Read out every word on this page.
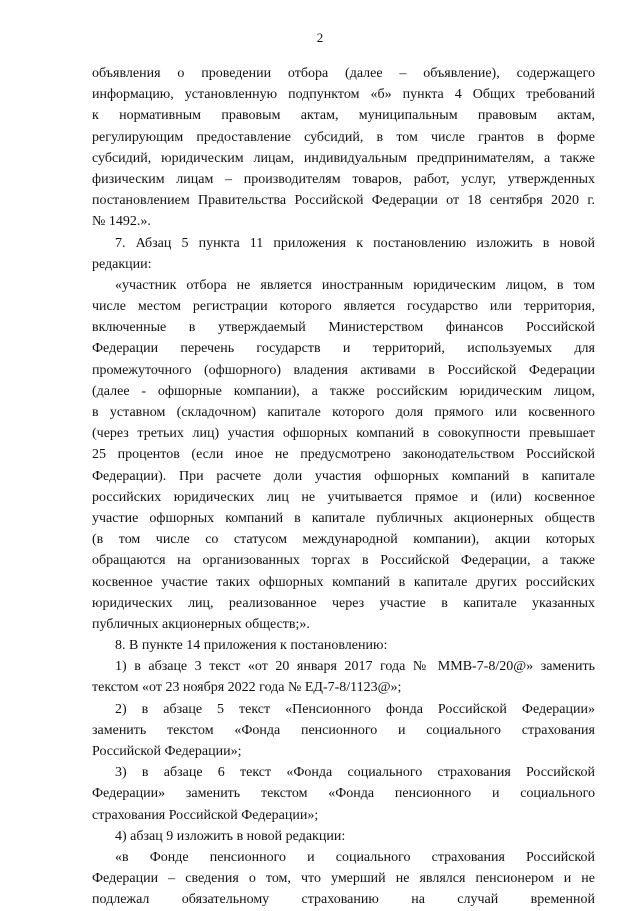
2
объявления о проведении отбора (далее – объявление), содержащего
информацию, установленную подпунктом «б» пункта 4 Общих требований
к нормативным правовым актам, муниципальным правовым актам,
регулирующим предоставление субсидий, в том числе грантов в форме
субсидий, юридическим лицам, индивидуальным предпринимателям, а также
физическим лицам – производителям товаров, работ, услуг, утвержденных
постановлением Правительства Российской Федерации от 18 сентября 2020 г.
№ 1492.».
7. Абзац 5 пункта 11 приложения к постановлению изложить в новой
редакции:
«участник отбора не является иностранным юридическим лицом, в том
числе местом регистрации которого является государство или территория,
включенные в утверждаемый Министерством финансов Российской
Федерации перечень государств и территорий, используемых для
промежуточного (офшорного) владения активами в Российской Федерации
(далее - офшорные компании), а также российским юридическим лицом,
в уставном (складочном) капитале которого доля прямого или косвенного
(через третьих лиц) участия офшорных компаний в совокупности превышает
25 процентов (если иное не предусмотрено законодательством Российской
Федерации). При расчете доли участия офшорных компаний в капитале
российских юридических лиц не учитывается прямое и (или) косвенное
участие офшорных компаний в капитале публичных акционерных обществ
(в том числе со статусом международной компании), акции которых
обращаются на организованных торгах в Российской Федерации, а также
косвенное участие таких офшорных компаний в капитале других российских
юридических лиц, реализованное через участие в капитале указанных
публичных акционерных обществ;».
8. В пункте 14 приложения к постановлению:
1) в абзаце 3 текст «от 20 января 2017 года № ММВ-7-8/20@» заменить
текстом «от 23 ноября 2022 года № ЕД-7-8/1123@»;
2) в абзаце 5 текст «Пенсионного фонда Российской Федерации»
заменить текстом «Фонда пенсионного и социального страхования
Российской Федерации»;
3) в абзаце 6 текст «Фонда социального страхования Российской
Федерации» заменить текстом «Фонда пенсионного и социального
страхования Российской Федерации»;
4) абзац 9 изложить в новой редакции:
«в Фонде пенсионного и социального страхования Российской
Федерации – сведения о том, что умерший не являлся пенсионером и не
подлежал обязательному страхованию на случай временной
